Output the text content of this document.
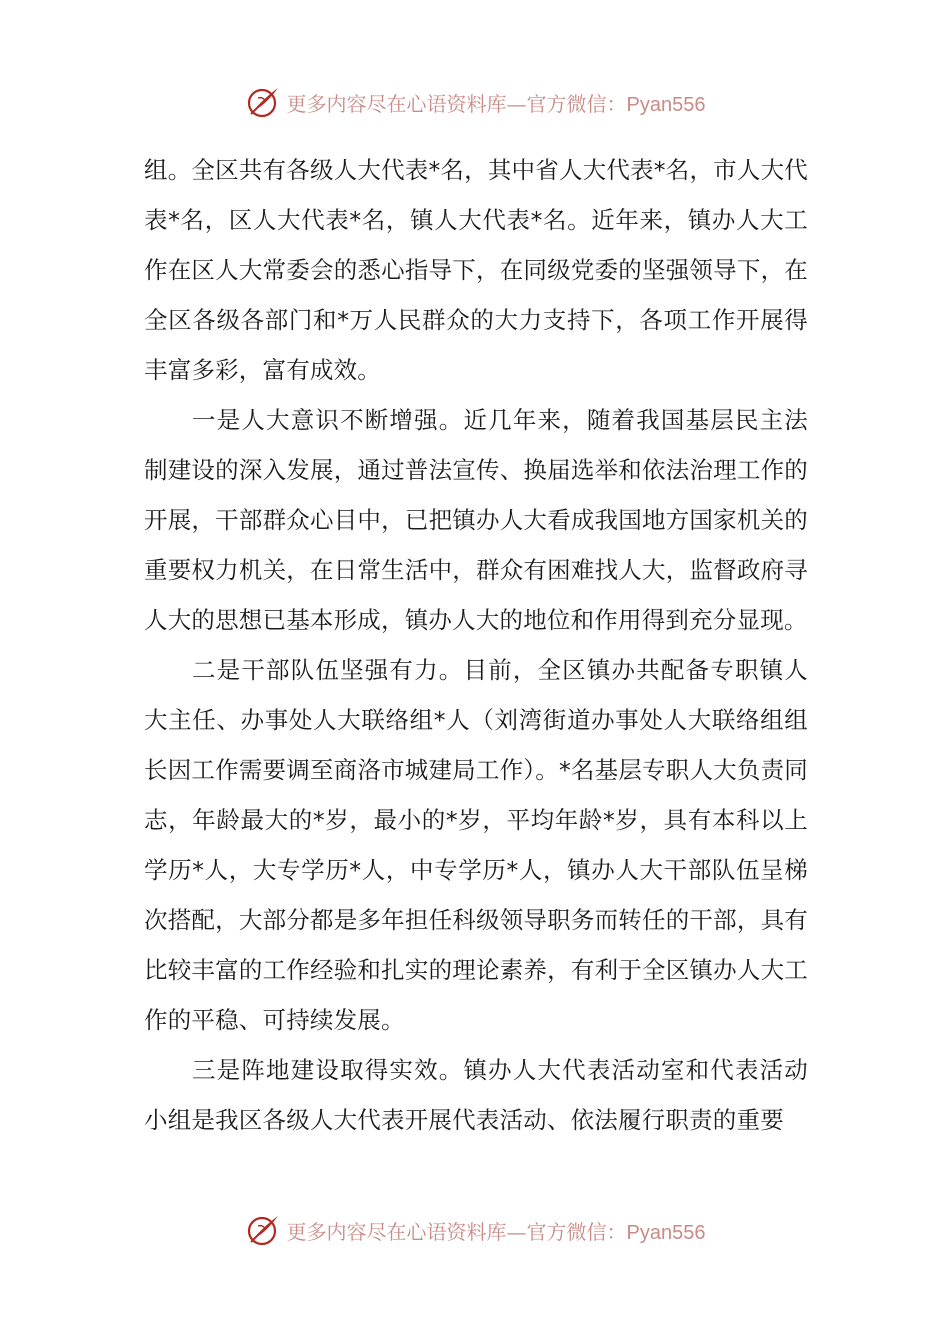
更多内容尽在心语资料库—官方微信：Pyan556

组。全区共有各级人大代表*名，其中省人大代表*名，市人大代表*名，区人大代表*名，镇人大代表*名。近年来，镇办人大工作在区人大常委会的悉心指导下，在同级党委的坚强领导下，在全区各级各部门和*万人民群众的大力支持下，各项工作开展得丰富多彩，富有成效。

一是人大意识不断增强。近几年来，随着我国基层民主法制建设的深入发展，通过普法宣传、换届选举和依法治理工作的开展，干部群众心目中，已把镇办人大看成我国地方国家机关的重要权力机关，在日常生活中，群众有困难找人大，监督政府寻人大的思想已基本形成，镇办人大的地位和作用得到充分显现。

二是干部队伍坚强有力。目前，全区镇办共配备专职镇人大主任、办事处人大联络组*人（刘湾街道办事处人大联络组组长因工作需要调至商洛市城建局工作）。*名基层专职人大负责同志，年龄最大的*岁，最小的*岁，平均年龄*岁，具有本科以上学历*人，大专学历*人，中专学历*人，镇办人大干部队伍呈梯次搭配，大部分都是多年担任科级领导职务而转任的干部，具有比较丰富的工作经验和扎实的理论素养，有利于全区镇办人大工作的平稳、可持续发展。

三是阵地建设取得实效。镇办人大代表活动室和代表活动小组是我区各级人大代表开展代表活动、依法履行职责的重要

更多内容尽在心语资料库—官方微信：Pyan556
